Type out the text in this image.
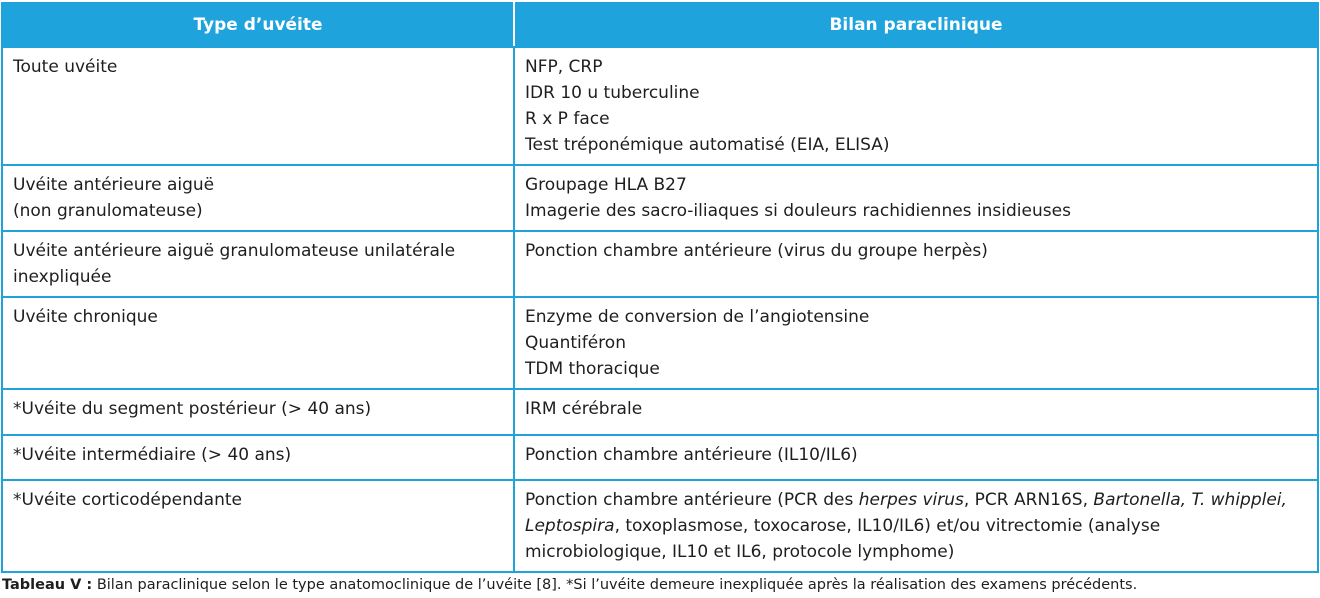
Type d’uvéite	Bilan paraclinique

Toute uvéite	NFP, CRP
IDR 10 u tuberculine
R x P face
Test tréponémique automatisé (EIA, ELISA)

Uvéite antérieure aiguë
(non granulomateuse)	Groupage HLA B27
Imagerie des sacro-iliaques si douleurs rachidiennes insidieuses

Uvéite antérieure aiguë granulomateuse unilatérale
inexpliquée	Ponction chambre antérieure (virus du groupe herpès)

Uvéite chronique	Enzyme de conversion de l’angiotensine
Quantiféron
TDM thoracique

*Uvéite du segment postérieur (> 40 ans)	IRM cérébrale

*Uvéite intermédiaire (> 40 ans)	Ponction chambre antérieure (IL10/IL6)

*Uvéite corticodépendante	Ponction chambre antérieure (PCR des herpes virus, PCR ARN16S, Bartonella, T. whipplei, Leptospira, toxoplasmose, toxocarose, IL10/IL6) et/ou vitrectomie (analyse microbiologique, IL10 et IL6, protocole lymphome)
Tableau V : Bilan paraclinique selon le type anatomoclinique de l’uvéite [8]. *Si l’uvéite demeure inexpliquée après la réalisation des examens précédents.
